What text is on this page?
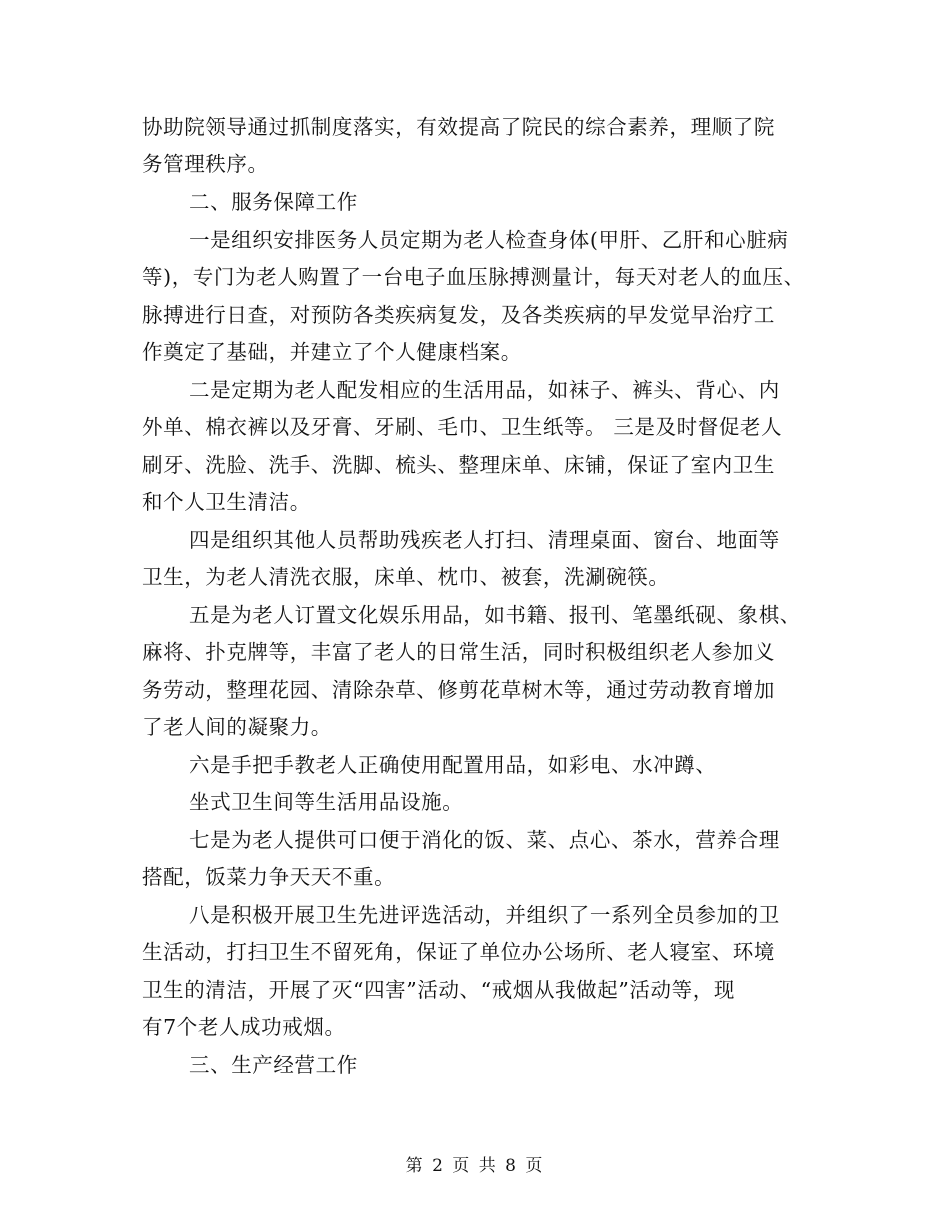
协助院领导通过抓制度落实，有效提高了院民的综合素养，理顺了院
务管理秩序。
二、服务保障工作
一是组织安排医务人员定期为老人检查身体(甲肝、乙肝和心脏病
等)，专门为老人购置了一台电子血压脉搏测量计，每天对老人的血压、
脉搏进行日查，对预防各类疾病复发，及各类疾病的早发觉早治疗工
作奠定了基础，并建立了个人健康档案。
二是定期为老人配发相应的生活用品，如袜子、裤头、背心、内
外单、棉衣裤以及牙膏、牙刷、毛巾、卫生纸等。 三是及时督促老人
刷牙、洗脸、洗手、洗脚、梳头、整理床单、床铺，保证了室内卫生
和个人卫生清洁。
四是组织其他人员帮助残疾老人打扫、清理桌面、窗台、地面等
卫生，为老人清洗衣服，床单、枕巾、被套，洗涮碗筷。
五是为老人订置文化娱乐用品，如书籍、报刊、笔墨纸砚、象棋、
麻将、扑克牌等，丰富了老人的日常生活，同时积极组织老人参加义
务劳动，整理花园、清除杂草、修剪花草树木等，通过劳动教育增加
了老人间的凝聚力。
六是手把手教老人正确使用配置用品，如彩电、水冲蹲、
坐式卫生间等生活用品设施。
七是为老人提供可口便于消化的饭、菜、点心、茶水，营养合理
搭配，饭菜力争天天不重。
八是积极开展卫生先进评选活动，并组织了一系列全员参加的卫
生活动，打扫卫生不留死角，保证了单位办公场所、老人寝室、环境
卫生的清洁，开展了灭“四害”活动、“戒烟从我做起”活动等，现
有7个老人成功戒烟。
三、生产经营工作
第 2 页 共 8 页
